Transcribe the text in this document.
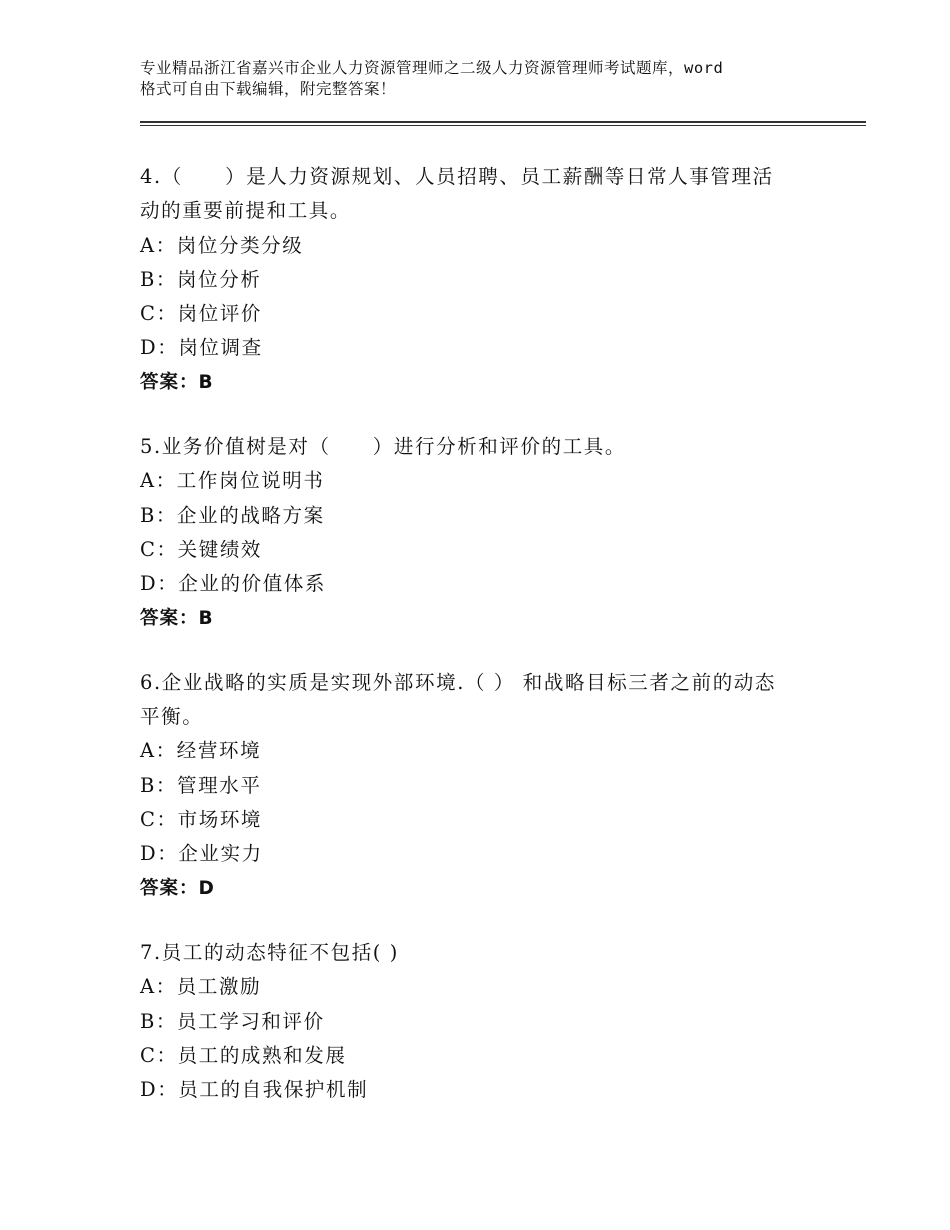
专业精品浙江省嘉兴市企业人力资源管理师之二级人力资源管理师考试题库，word
格式可自由下载编辑，附完整答案！
4.（　　）是人力资源规划、人员招聘、员工薪酬等日常人事管理活
动的重要前提和工具。
A：岗位分类分级
B：岗位分析
C：岗位评价
D：岗位调查
答案：B
5.业务价值树是对（　　）进行分析和评价的工具。
A：工作岗位说明书
B：企业的战略方案
C：关键绩效
D：企业的价值体系
答案：B
6.企业战略的实质是实现外部环境.（ ） 和战略目标三者之前的动态
平衡。
A：经营环境
B：管理水平
C：市场环境
D：企业实力
答案：D
7.员工的动态特征不包括( )
A：员工激励
B：员工学习和评价
C：员工的成熟和发展
D：员工的自我保护机制
